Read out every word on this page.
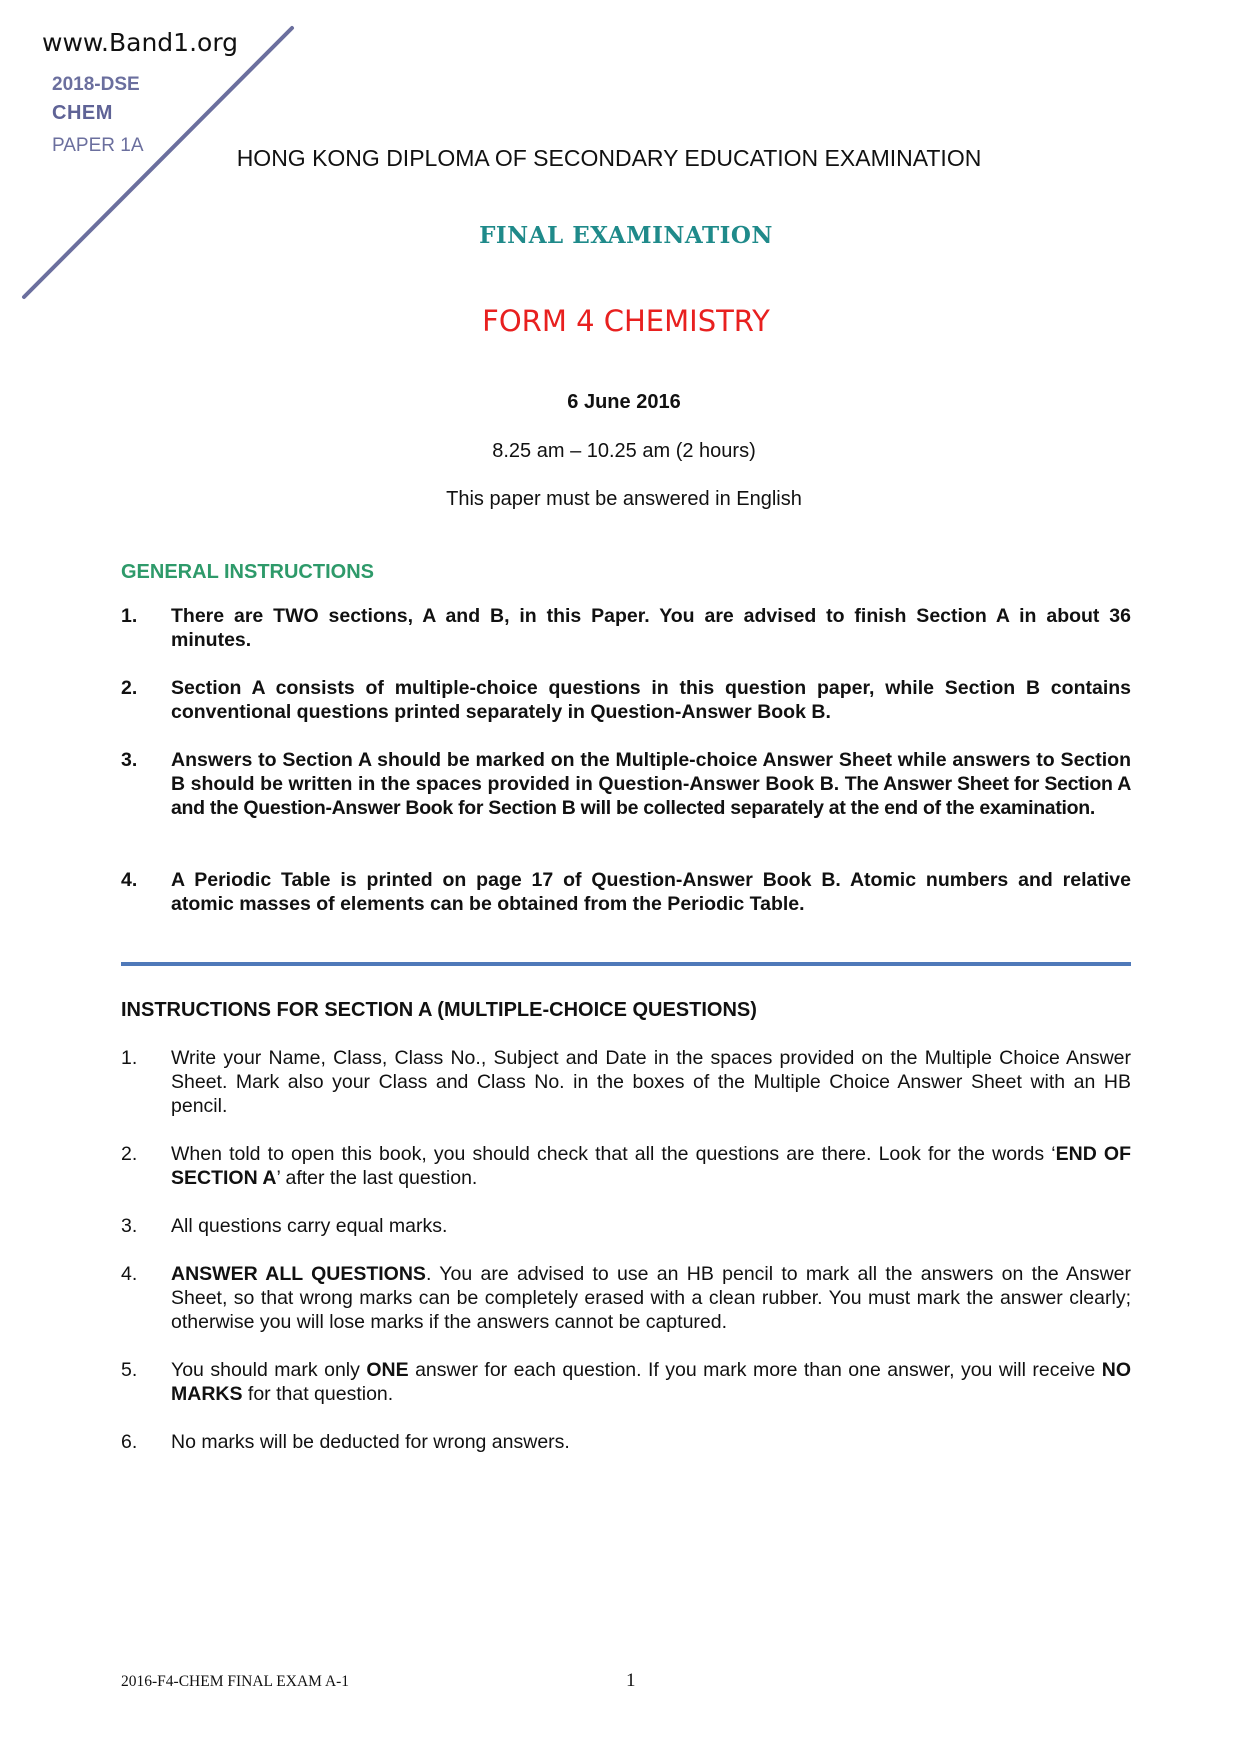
www.Band1.org
2018-DSE
CHEM
PAPER 1A	HONG KONG DIPLOMA OF SECONDARY EDUCATION EXAMINATION
FINAL EXAMINATION
FORM 4 CHEMISTRY
6 June 2016
8.25 am – 10.25 am (2 hours)
This paper must be answered in English
GENERAL INSTRUCTIONS
1.	There are TWO sections, A and B, in this Paper. You are advised to finish Section A in about 36 minutes.
2.	Section A consists of multiple-choice questions in this question paper, while Section B contains conventional questions printed separately in Question-Answer Book B.
3.	Answers to Section A should be marked on the Multiple-choice Answer Sheet while answers to Section B should be written in the spaces provided in Question-Answer Book B. The Answer Sheet for Section A and the Question-Answer Book for Section B will be collected separately at the end of the examination.
4.	A Periodic Table is printed on page 17 of Question-Answer Book B. Atomic numbers and relative atomic masses of elements can be obtained from the Periodic Table.
INSTRUCTIONS FOR SECTION A (MULTIPLE-CHOICE QUESTIONS)
1.	Write your Name, Class, Class No., Subject and Date in the spaces provided on the Multiple Choice Answer Sheet. Mark also your Class and Class No. in the boxes of the Multiple Choice Answer Sheet with an HB pencil.
2.	When told to open this book, you should check that all the questions are there. Look for the words ‘END OF SECTION A’ after the last question.
3.	All questions carry equal marks.
4.	ANSWER ALL QUESTIONS. You are advised to use an HB pencil to mark all the answers on the Answer Sheet, so that wrong marks can be completely erased with a clean rubber. You must mark the answer clearly; otherwise you will lose marks if the answers cannot be captured.
5.	You should mark only ONE answer for each question. If you mark more than one answer, you will receive NO MARKS for that question.
6.	No marks will be deducted for wrong answers.
2016-F4-CHEM FINAL EXAM A-1	1
